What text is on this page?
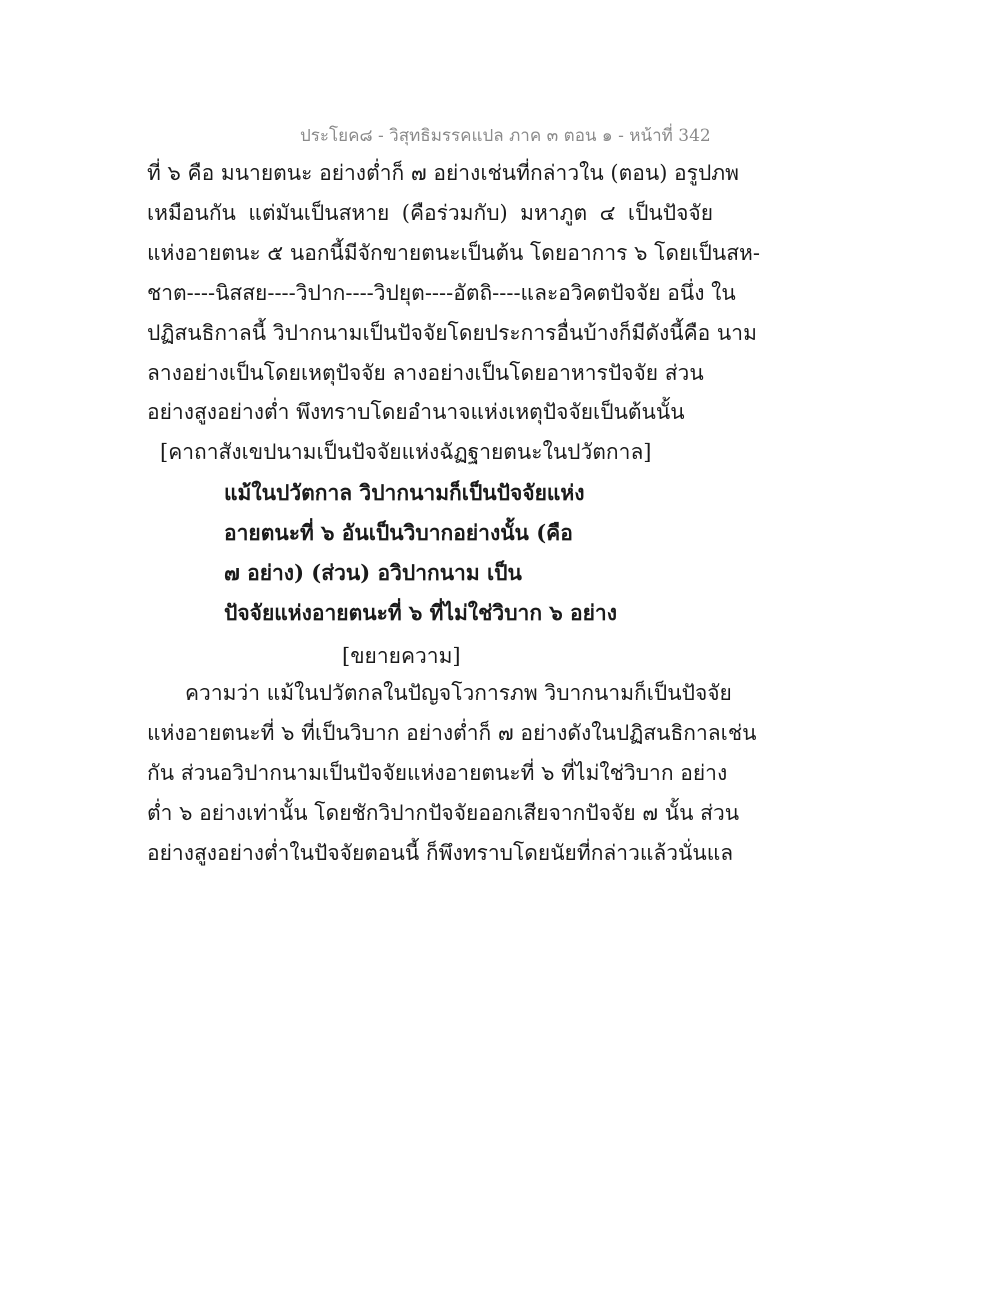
ประโยค๘ - วิสุทธิมรรคแปล ภาค ๓ ตอน ๑ - หน้าที่ 342
ที่ ๖ คือ มนายตนะ อย่างต่ำก็ ๗ อย่างเช่นที่กล่าวใน (ตอน) อรูปภพ
เหมือนกัน แต่มันเป็นสหาย (คือร่วมกับ) มหาภูต ๔ เป็นปัจจัย
แห่งอายตนะ ๕ นอกนี้มีจักขายตนะเป็นต้น โดยอาการ ๖ โดยเป็นสห-
ชาต----นิสสย----วิปาก----วิปยุต----อัตถิ----และอวิคตปัจจัย อนึ่ง ใน
ปฏิสนธิกาลนี้ วิปากนามเป็นปัจจัยโดยประการอื่นบ้างก็มีดังนี้คือ นาม
ลางอย่างเป็นโดยเหตุปัจจัย ลางอย่างเป็นโดยอาหารปัจจัย ส่วน
อย่างสูงอย่างต่ำ พึงทราบโดยอำนาจแห่งเหตุปัจจัยเป็นต้นนั้น
[คาถาสังเขปนามเป็นปัจจัยแห่งฉัฏฐายตนะในปวัตกาล]
แม้ในปวัตกาล วิปากนามก็เป็นปัจจัยแห่ง
อายตนะที่ ๖ อันเป็นวิบากอย่างนั้น (คือ
๗ อย่าง) (ส่วน) อวิปากนาม เป็น
ปัจจัยแห่งอายตนะที่ ๖ ที่ไม่ใช่วิบาก ๖ อย่าง
[ขยายความ]
ความว่า แม้ในปวัตกลในปัญจโวการภพ วิบากนามก็เป็นปัจจัย
แห่งอายตนะที่ ๖ ที่เป็นวิบาก อย่างต่ำก็ ๗ อย่างดังในปฏิสนธิกาลเช่น
กัน ส่วนอวิปากนามเป็นปัจจัยแห่งอายตนะที่ ๖ ที่ไม่ใช่วิบาก อย่าง
ต่ำ ๖ อย่างเท่านั้น โดยชักวิปากปัจจัยออกเสียจากปัจจัย ๗ นั้น ส่วน
อย่างสูงอย่างต่ำในปัจจัยตอนนี้ ก็พึงทราบโดยนัยที่กล่าวแล้วนั่นแล
